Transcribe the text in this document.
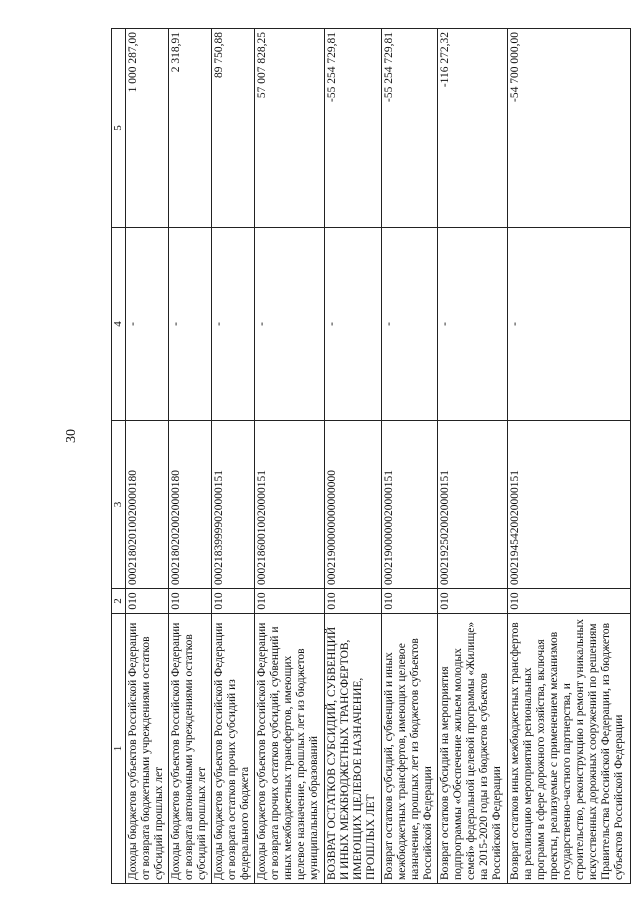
30
1	2	3	4	5
Доходы бюджетов субъектов Российской Федерации от возврата бюджетными учреждениями остатков субсидий прошлых лет	010	00021802010020000180	-	1 000 287,00
Доходы бюджетов субъектов Российской Федерации от возврата автономными учреждениями остатков субсидий прошлых лет	010	00021802020020000180	-	2 318,91
Доходы бюджетов субъектов Российской Федерации от возврата остатков прочих субсидий из федерального бюджета	010	00021839999020000151	-	89 750,88
Доходы бюджетов субъектов Российской Федерации от возврата прочих остатков субсидий, субвенций и иных межбюджетных трансфертов, имеющих целевое назначение, прошлых лет из бюджетов муниципальных образований	010	00021860010020000151	-	57 007 828,25
ВОЗВРАТ ОСТАТКОВ СУБСИДИЙ, СУБВЕНЦИЙ И ИНЫХ МЕЖБЮДЖЕТНЫХ ТРАНСФЕРТОВ, ИМЕЮЩИХ ЦЕЛЕВОЕ НАЗНАЧЕНИЕ, ПРОШЛЫХ ЛЕТ	010	00021900000000000000	-	-55 254 729,81
Возврат остатков субсидий, субвенций и иных межбюджетных трансфертов, имеющих целевое назначение, прошлых лет из бюджетов субъектов Российской Федерации	010	00021900000020000151	-	-55 254 729,81
Возврат остатков субсидий на мероприятия подпрограммы «Обеспечение жильем молодых семей» федеральной целевой программы «Жилище» на 2015-2020 годы из бюджетов субъектов Российской Федерации	010	00021925020020000151	-	-116 272,32
Возврат остатков иных межбюджетных трансфертов на реализацию мероприятий региональных программ в сфере дорожного хозяйства, включая проекты, реализуемые с применением механизмов государственно-частного партнерства, и строительство, реконструкцию и ремонт уникальных искусственных дорожных сооружений по решениям Правительства Российской Федерации, из бюджетов субъектов Российской Федерации	010	00021945420020000151	-	-54 700 000,00
